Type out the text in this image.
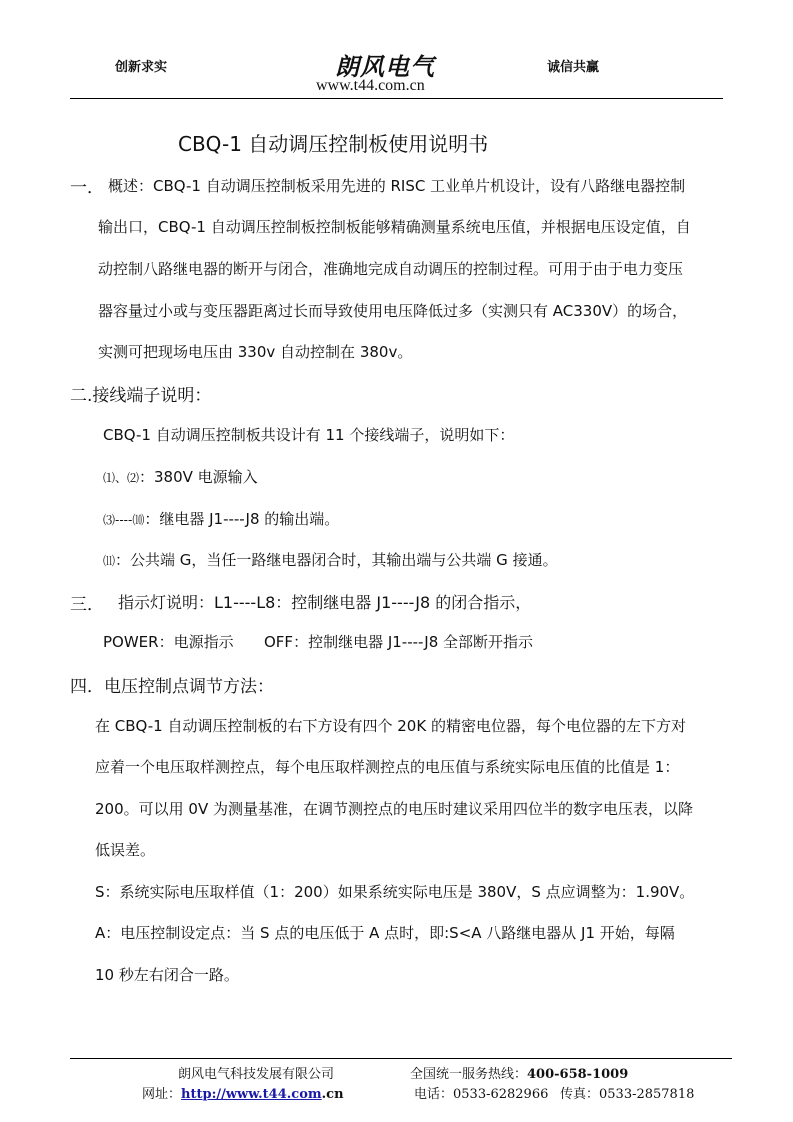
创新求实	朗风电气	诚信共赢
www.t44.com.cn
CBQ-1 自动调压控制板使用说明书
一． 概述：CBQ-1 自动调压控制板采用先进的 RISC 工业单片机设计，设有八路继电器控制
输出口，CBQ-1 自动调压控制板控制板能够精确测量系统电压值，并根据电压设定值，自
动控制八路继电器的断开与闭合，准确地完成自动调压的控制过程。可用于由于电力变压
器容量过小或与变压器距离过长而导致使用电压降低过多（实测只有 AC330V）的场合，
实测可把现场电压由 330v 自动控制在 380v。
二.接线端子说明：
CBQ-1 自动调压控制板共设计有 11 个接线端子，说明如下：
⑴、⑵：380V 电源输入
⑶----⑽：继电器 J1----J8 的输出端。
⑾：公共端 G，当任一路继电器闭合时，其输出端与公共端 G 接通。
三． 指示灯说明：L1----L8：控制继电器 J1----J8 的闭合指示，
POWER：电源指示 OFF：控制继电器 J1----J8 全部断开指示
四．电压控制点调节方法：
在 CBQ-1 自动调压控制板的右下方设有四个 20K 的精密电位器，每个电位器的左下方对
应着一个电压取样测控点，每个电压取样测控点的电压值与系统实际电压值的比值是 1：
200。可以用 0V 为测量基准，在调节测控点的电压时建议采用四位半的数字电压表，以降
低误差。
S：系统实际电压取样值（1：200）如果系统实际电压是 380V，S 点应调整为：1.90V。
A：电压控制设定点：当 S 点的电压低于 A 点时，即:S<A 八路继电器从 J1 开始，每隔
10 秒左右闭合一路。
朗风电气科技发展有限公司	全国统一服务热线：400-658-1009
网址：http://www.t44.com.cn	电话：0533-6282966 传真：0533-2857818
